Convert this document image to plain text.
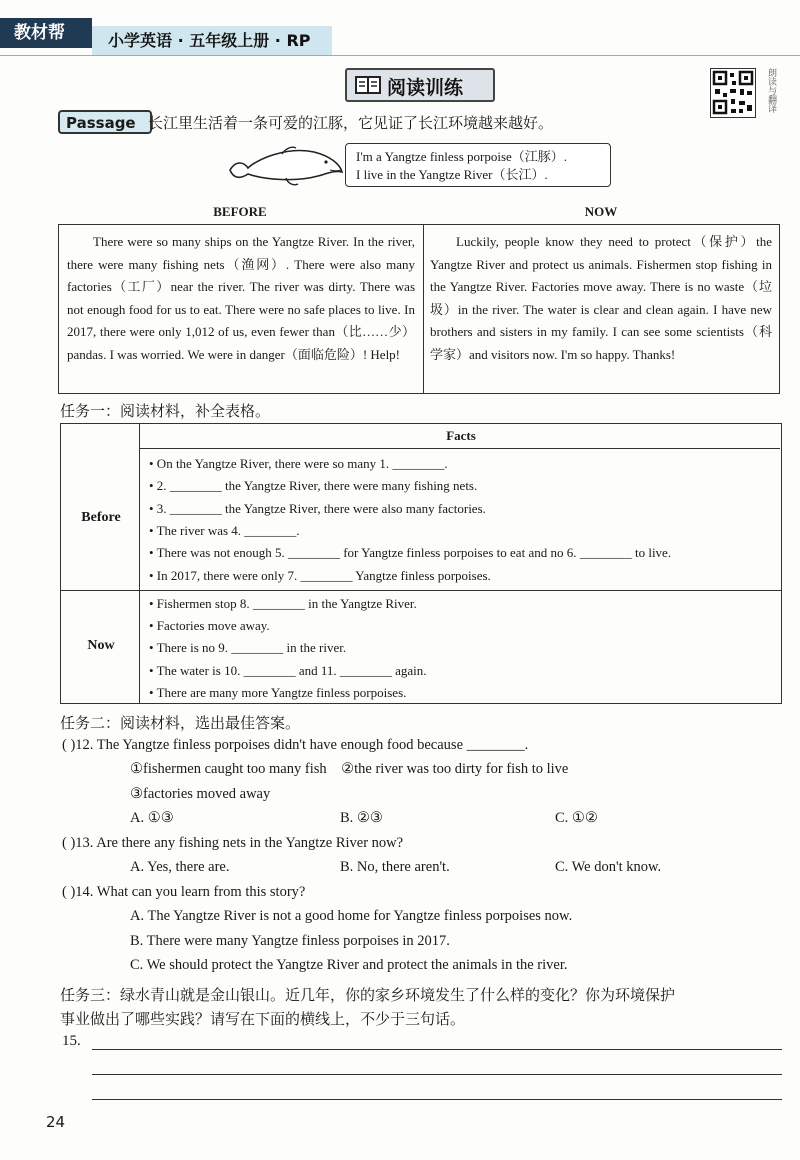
教材帮	小学英语 · 五年级上册 · RP
阅读训练	朗读与翻译
Passage 长江里生活着一条可爱的江豚，它见证了长江环境越来越好。
I'm a Yangtze finless porpoise（江豚）.
I live in the Yangtze River（长江）.
BEFORE	NOW
There were so many ships on the Yangtze River. In the river, there were many fishing nets（渔网）. There were also many factories（工厂）near the river. The river was dirty. There was not enough food for us to eat. There were no safe places to live. In 2017, there were only 1,012 of us, even fewer than（比……少）pandas. I was worried. We were in danger（面临危险）! Help!
Luckily, people know they need to protect（保护）the Yangtze River and protect us animals. Fishermen stop fishing in the Yangtze River. Factories move away. There is no waste（垃圾）in the river. The water is clear and clean again. I have new brothers and sisters in my family. I can see some scientists（科学家）and visitors now. I'm so happy. Thanks!
任务一：阅读材料，补全表格。
Facts
Before
• On the Yangtze River, there were so many 1. ________.
• 2. ________ the Yangtze River, there were many fishing nets.
• 3. ________ the Yangtze River, there were also many factories.
• The river was 4. ________.
• There was not enough 5. ________ for Yangtze finless porpoises to eat and no 6. ________ to live.
• In 2017, there were only 7. ________ Yangtze finless porpoises.
Now
• Fishermen stop 8. ________ in the Yangtze River.
• Factories move away.
• There is no 9. ________ in the river.
• The water is 10. ________ and 11. ________ again.
• There are many more Yangtze finless porpoises.
任务二：阅读材料，选出最佳答案。
( )12. The Yangtze finless porpoises didn't have enough food because ________.
①fishermen caught too many fish    ②the river was too dirty for fish to live
③factories moved away
A. ①③	B. ②③	C. ①②
( )13. Are there any fishing nets in the Yangtze River now?
A. Yes, there are.	B. No, there aren't.	C. We don't know.
( )14. What can you learn from this story?
A. The Yangtze River is not a good home for Yangtze finless porpoises now.
B. There were many Yangtze finless porpoises in 2017.
C. We should protect the Yangtze River and protect the animals in the river.
任务三：绿水青山就是金山银山。近几年，你的家乡环境发生了什么样的变化？你为环境保护
事业做出了哪些实践？请写在下面的横线上，不少于三句话。
15.
24
